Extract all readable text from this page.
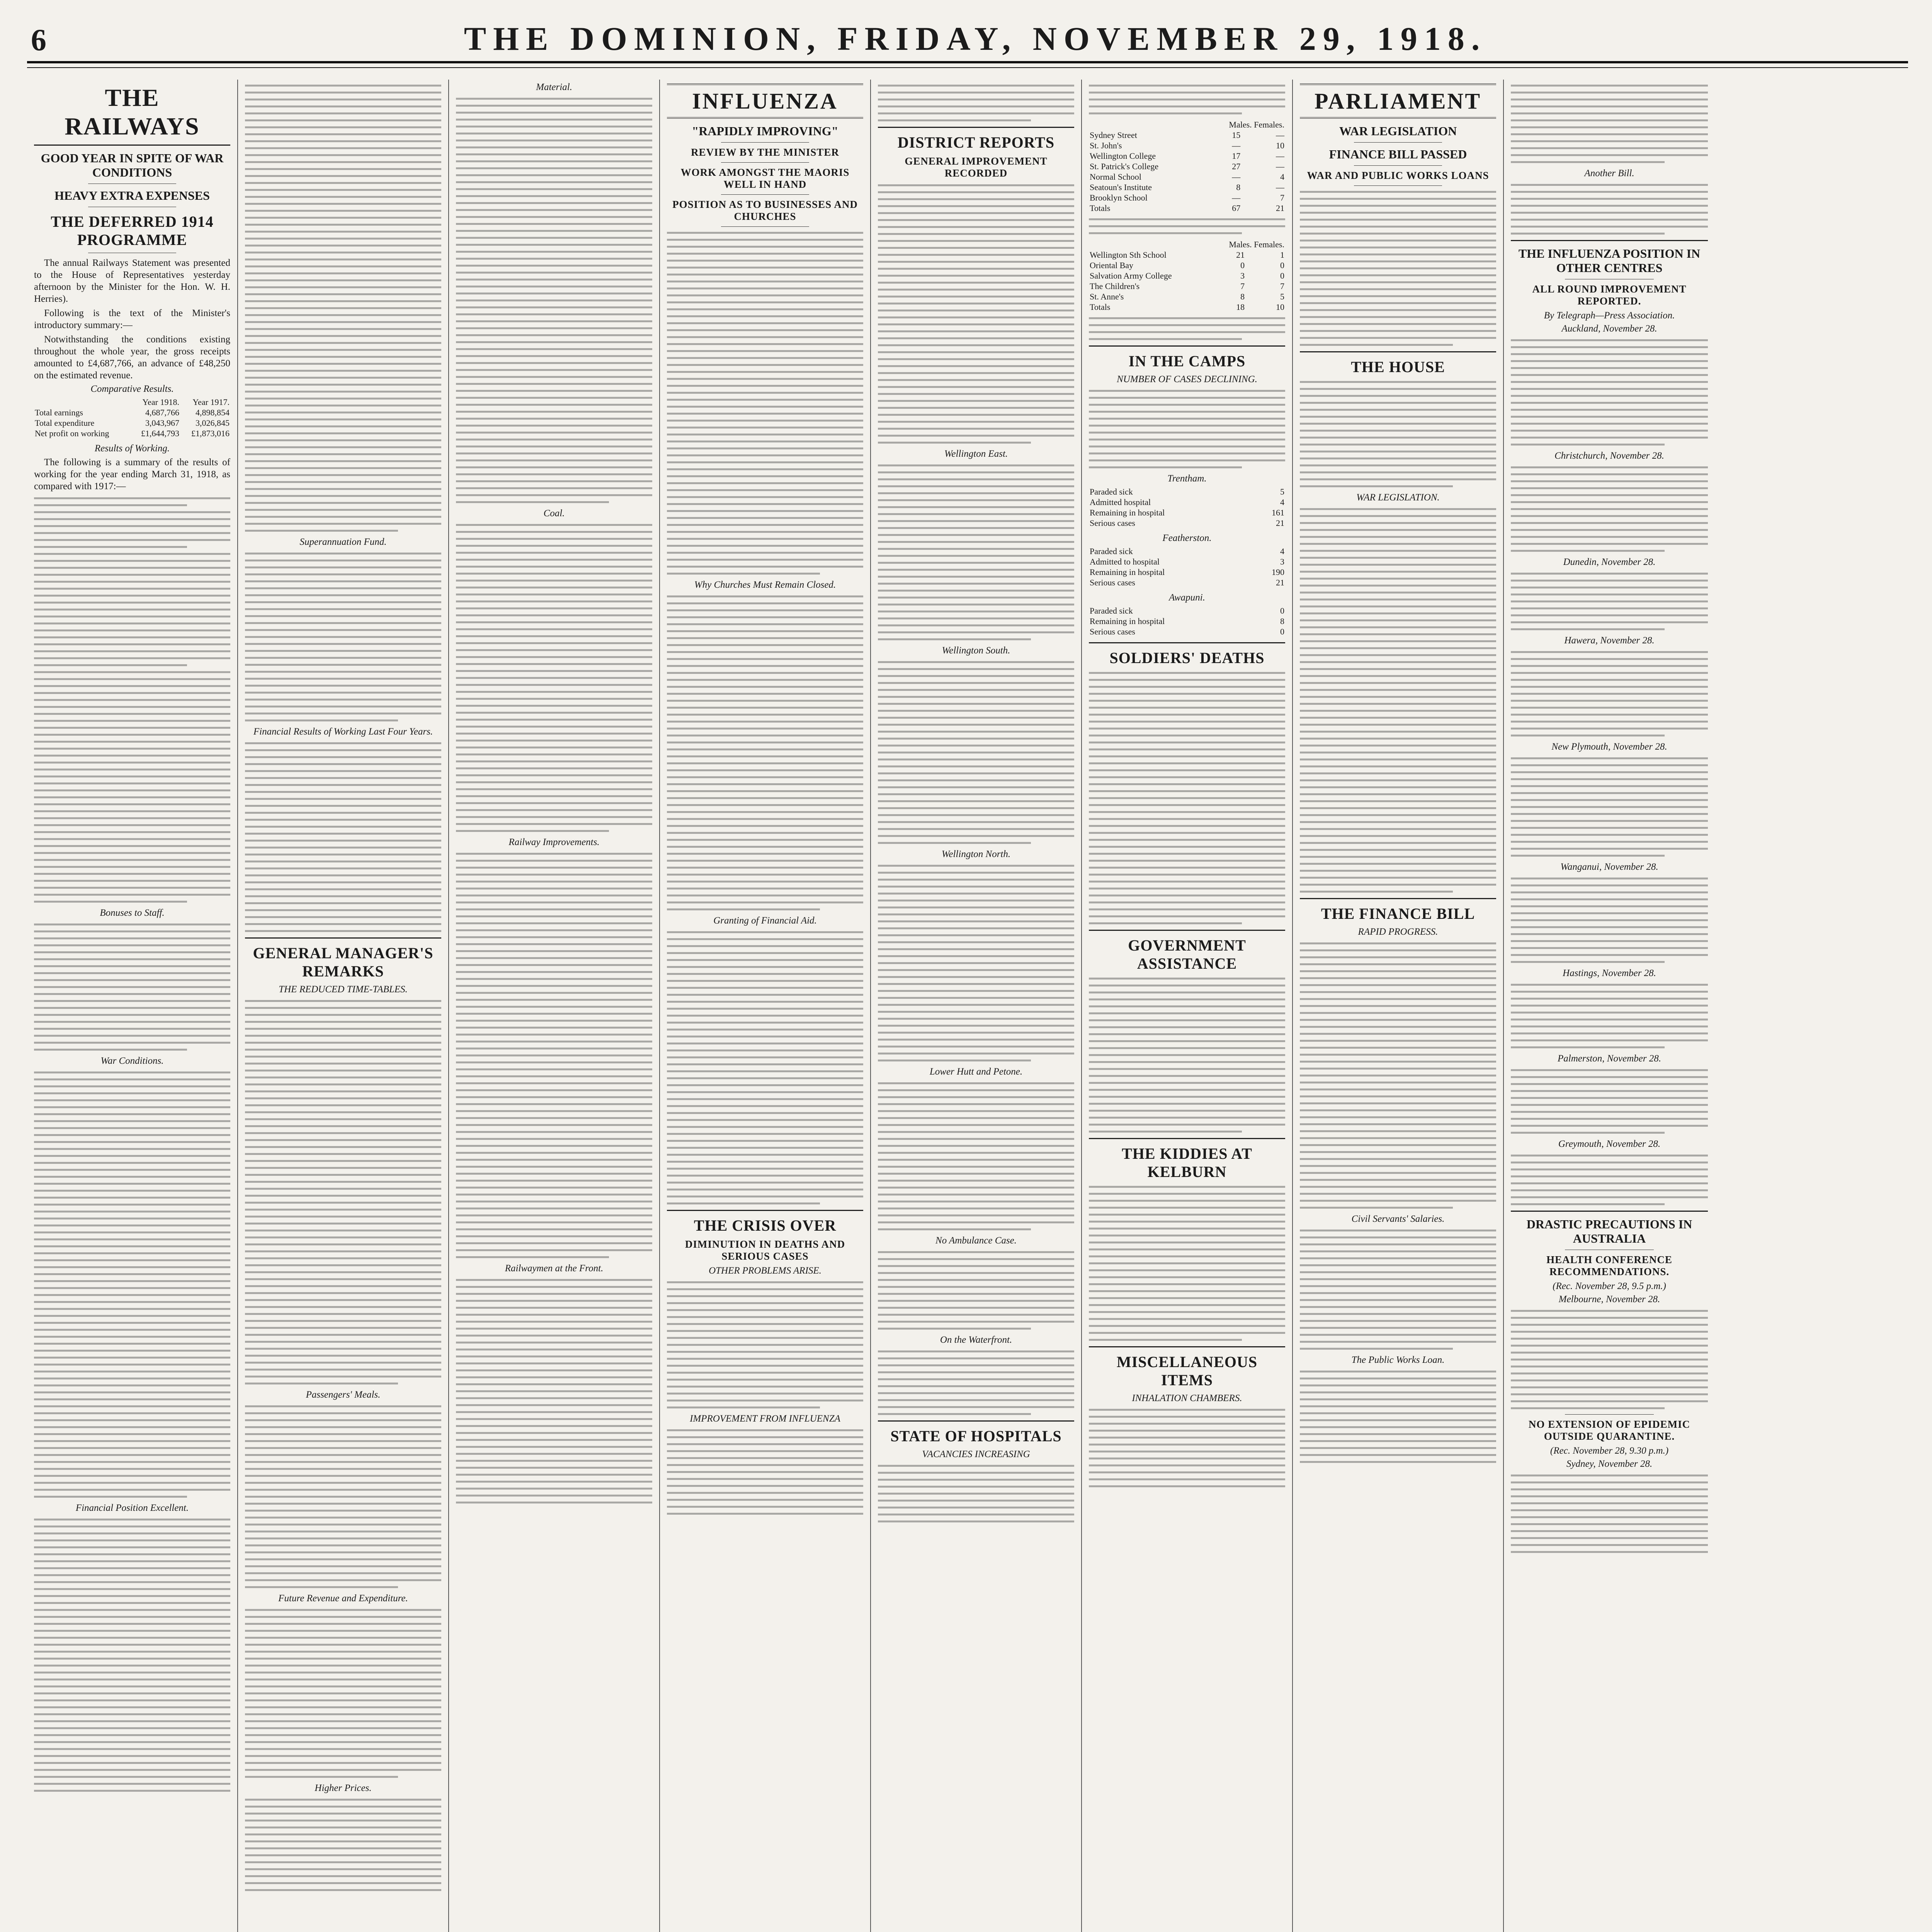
6	THE DOMINION, FRIDAY, NOVEMBER 29, 1918.
THE RAILWAYS
GOOD YEAR IN SPITE OF WAR CONDITIONS
HEAVY EXTRA EXPENSES
THE DEFERRED 1914 PROGRAMME

The annual Railways Statement was presented to the House of Representatives yesterday afternoon by the Minister for the Hon. W. H. Herries).

Following is the text of the Minister's introductory summary:—

Notwithstanding the conditions existing throughout the whole year, the gross receipts amounted to £4,687,766, an advance of £48,250 on the estimated revenue.

Comparative Results.
	Year 1918.	Year 1917.
Total earnings	4,687,766	4,898,854
Total expenditure	3,043,967	3,026,845
Net profit on working	£1,644,793	£1,873,016
Results of Working.

The following is a summary of the results of working for the year ending March 31, 1918, as compared with 1917:—

Bonuses to Staff.
War Conditions.
Financial Position Excellent.
Superannuation Fund.
Financial Results of Working Last Four Years.
GENERAL MANAGER'S REMARKS
THE REDUCED TIME-TABLES.
Passengers' Meals.
Future Revenue and Expenditure.
Higher Prices.
Material.
Coal.
Railway Improvements.
Railwaymen at the Front.
INFLUENZA
"RAPIDLY IMPROVING"
REVIEW BY THE MINISTER
WORK AMONGST THE MAORIS WELL IN HAND
POSITION AS TO BUSINESSES AND CHURCHES
Why Churches Must Remain Closed.
Granting of Financial Aid.
THE CRISIS OVER
DIMINUTION IN DEATHS AND SERIOUS CASES
OTHER PROBLEMS ARISE.
IMPROVEMENT FROM INFLUENZA
DISTRICT REPORTS
GENERAL IMPROVEMENT RECORDED
Wellington East.
Wellington South.
Wellington North.
Lower Hutt and Petone.
No Ambulance Case.
On the Waterfront.
STATE OF HOSPITALS
VACANCIES INCREASING
	Males. Females.	
Sydney Street	15	—
St. John's	—	10
Wellington College	17	—
St. Patrick's College	27	—
Normal School	—	4
Seatoun's Institute	8	—
Brooklyn School	—	7
Totals	67	21
	Males. Females.	
Wellington Sth School	21	1
Oriental Bay	0	0
Salvation Army College	3	0
The Children's	7	7
St. Anne's	8	5
Totals	18	10
IN THE CAMPS
NUMBER OF CASES DECLINING.
Trentham.
Paraded sick	5
Admitted hospital	4
Remaining in hospital	161
Serious cases	21
Featherston.
Paraded sick	4
Admitted to hospital	3
Remaining in hospital	190
Serious cases	21
Awapuni.
Paraded sick	0
Remaining in hospital	8
Serious cases	0
SOLDIERS' DEATHS
GOVERNMENT ASSISTANCE
THE KIDDIES AT KELBURN
MISCELLANEOUS ITEMS
INHALATION CHAMBERS.
PARLIAMENT
WAR LEGISLATION
FINANCE BILL PASSED
WAR AND PUBLIC WORKS LOANS
THE HOUSE
WAR LEGISLATION.
THE FINANCE BILL
RAPID PROGRESS.
Civil Servants' Salaries.
The Public Works Loan.
Another Bill.
THE INFLUENZA POSITION IN OTHER CENTRES
ALL ROUND IMPROVEMENT REPORTED.
By Telegraph—Press Association.
Auckland, November 28.
Christchurch, November 28.
Dunedin, November 28.
Hawera, November 28.
New Plymouth, November 28.
Wanganui, November 28.
Hastings, November 28.
Palmerston, November 28.
Greymouth, November 28.
DRASTIC PRECAUTIONS IN AUSTRALIA
HEALTH CONFERENCE RECOMMENDATIONS.
(Rec. November 28, 9.5 p.m.)
Melbourne, November 28.
NO EXTENSION OF EPIDEMIC OUTSIDE QUARANTINE.
(Rec. November 28, 9.30 p.m.)
Sydney, November 28.
